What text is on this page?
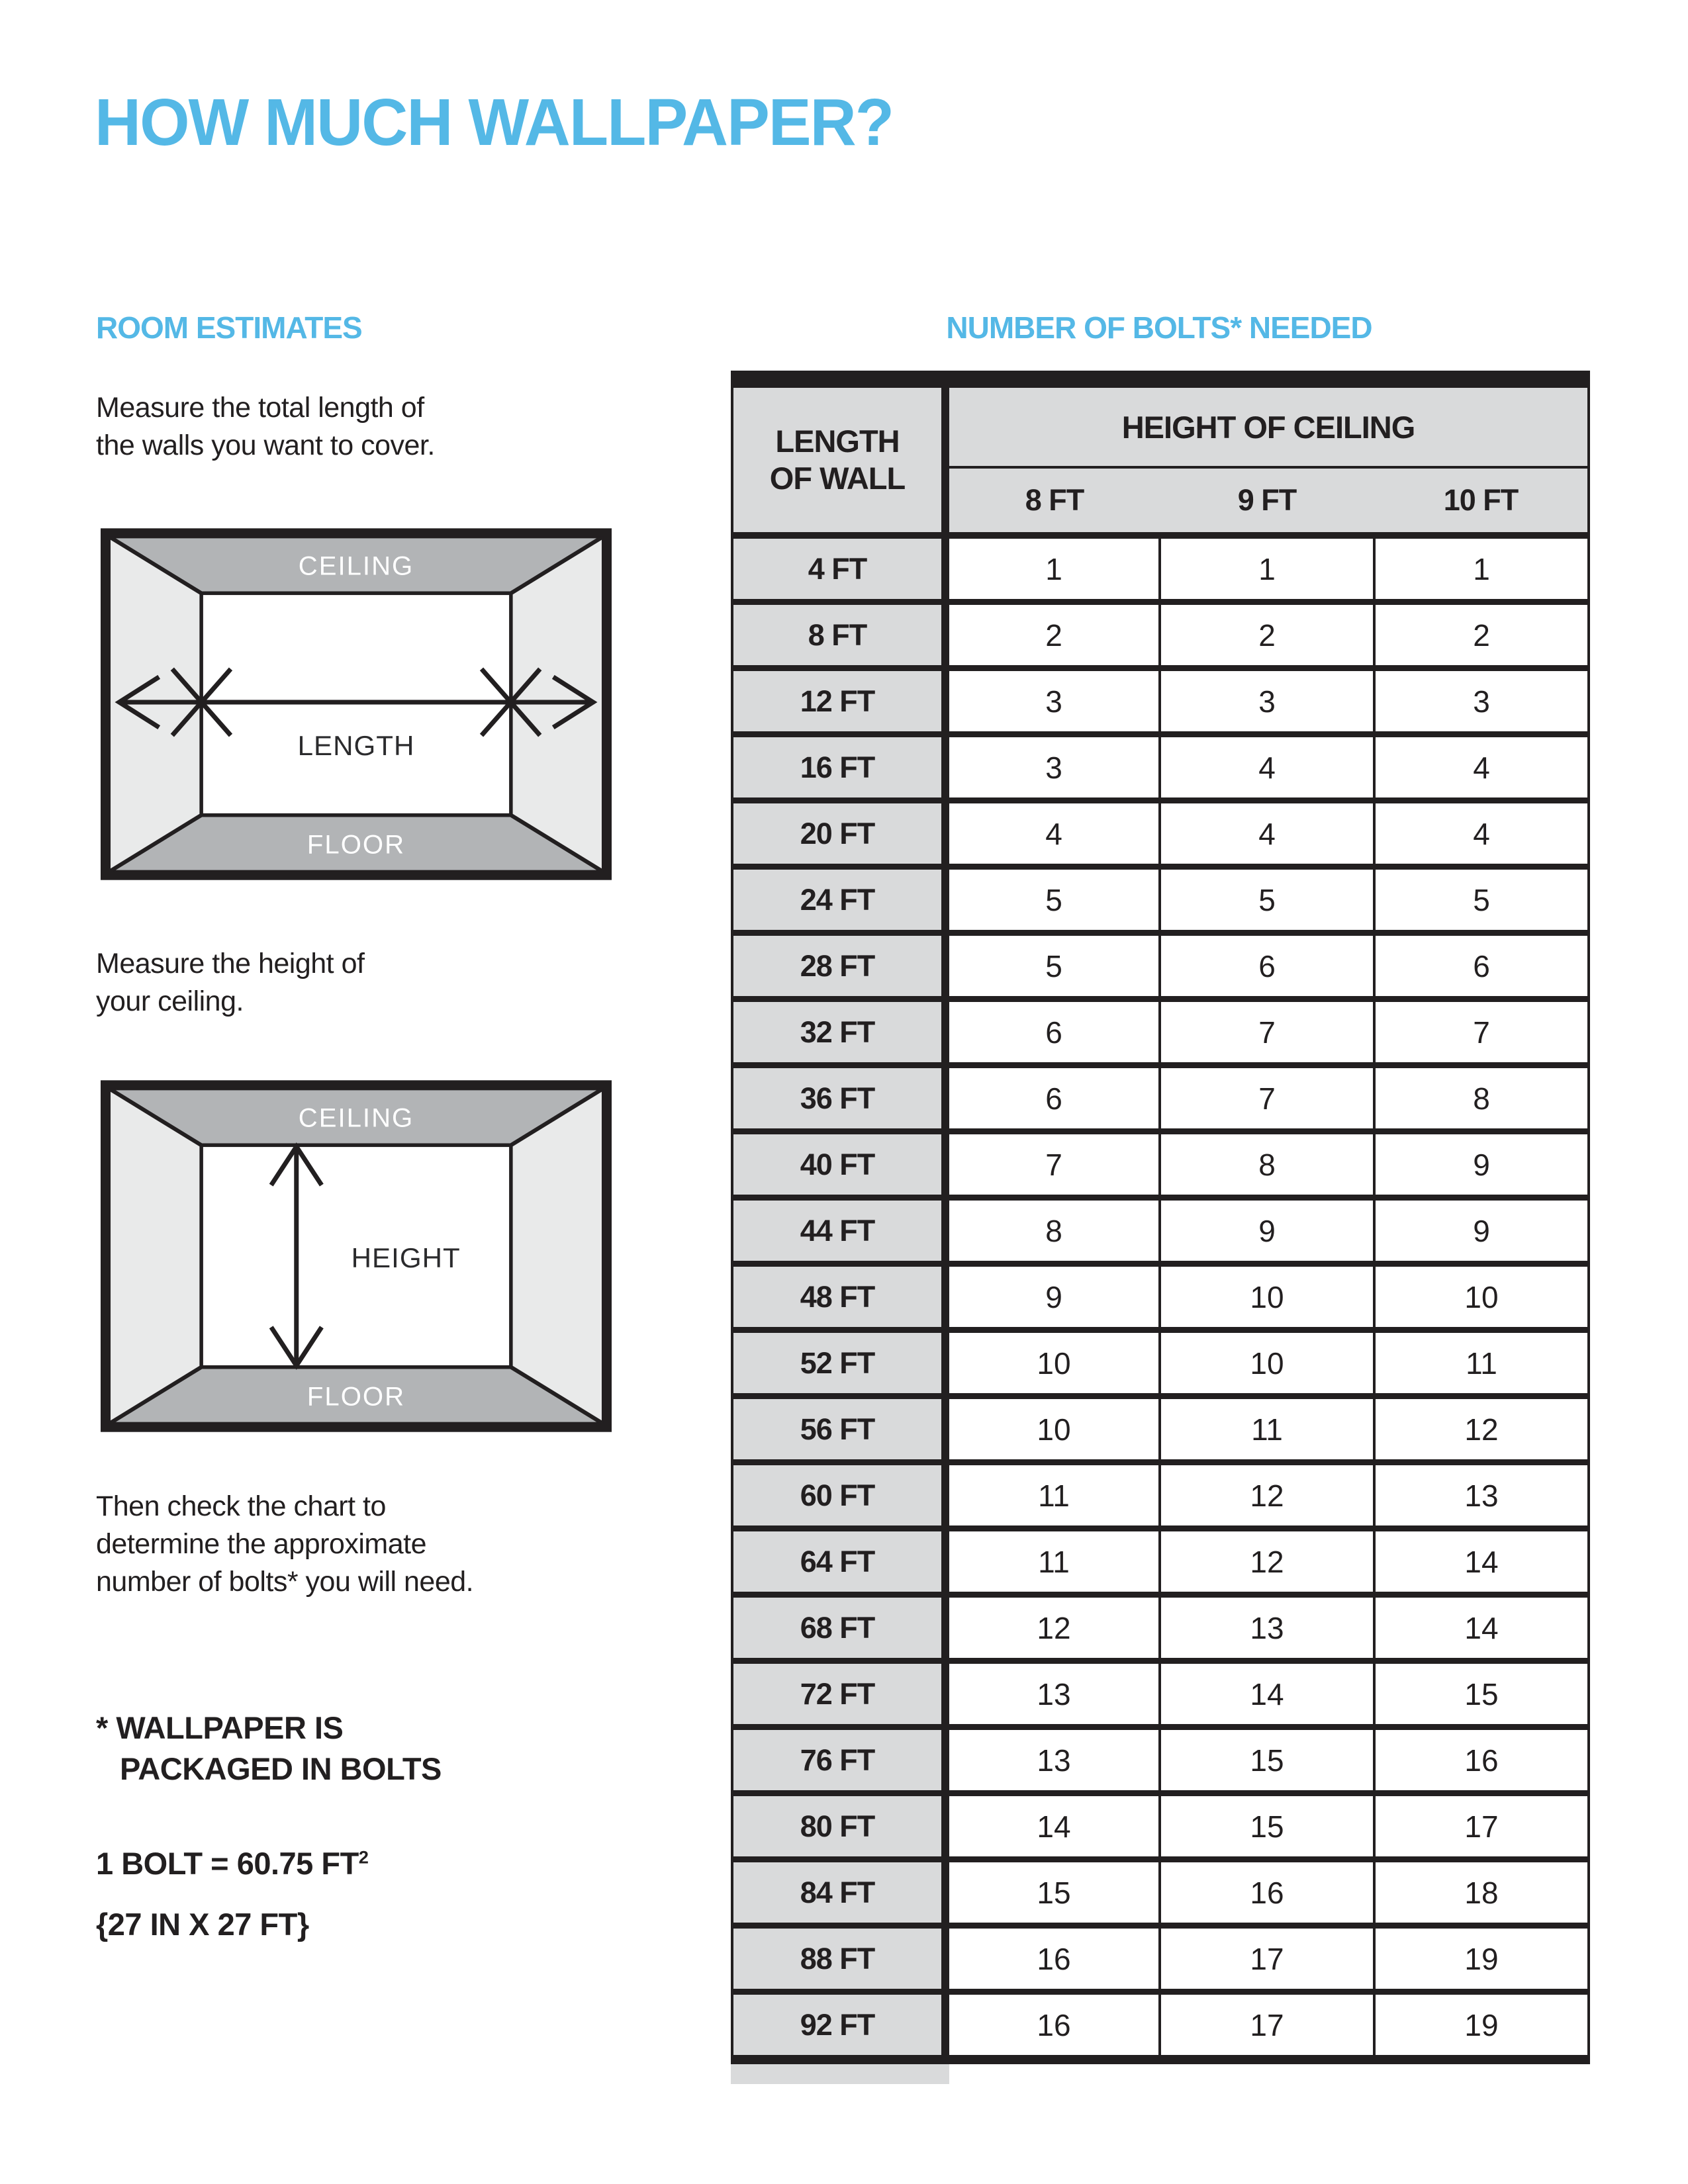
HOW MUCH WALLPAPER?
ROOM ESTIMATES

Measure the total length of
the walls you want to cover.

CEILING
FLOOR
LENGTH

Measure the height of
your ceiling.

CEILING
FLOOR
HEIGHT

Then check the chart to
determine the approximate
number of bolts* you will need.

* WALLPAPER IS
PACKAGED IN BOLTS

1 BOLT = 60.75 $FT^2$

{27 IN X 27 FT}

NUMBER OF BOLTS* NEEDED
LENGTH
OF WALL	HEIGHT OF CEILING		
	8 FT	9 FT	10 FT
4 FT	1	1	1
8 FT	2	2	2
12 FT	3	3	3
16 FT	3	4	4
20 FT	4	4	4
24 FT	5	5	5
28 FT	5	6	6
32 FT	6	7	7
36 FT	6	7	8
40 FT	7	8	9
44 FT	8	9	9
48 FT	9	10	10
52 FT	10	10	11
56 FT	10	11	12
60 FT	11	12	13
64 FT	11	12	14
68 FT	12	13	14
72 FT	13	14	15
76 FT	13	15	16
80 FT	14	15	17
84 FT	15	16	18
88 FT	16	17	19
92 FT	16	17	19
